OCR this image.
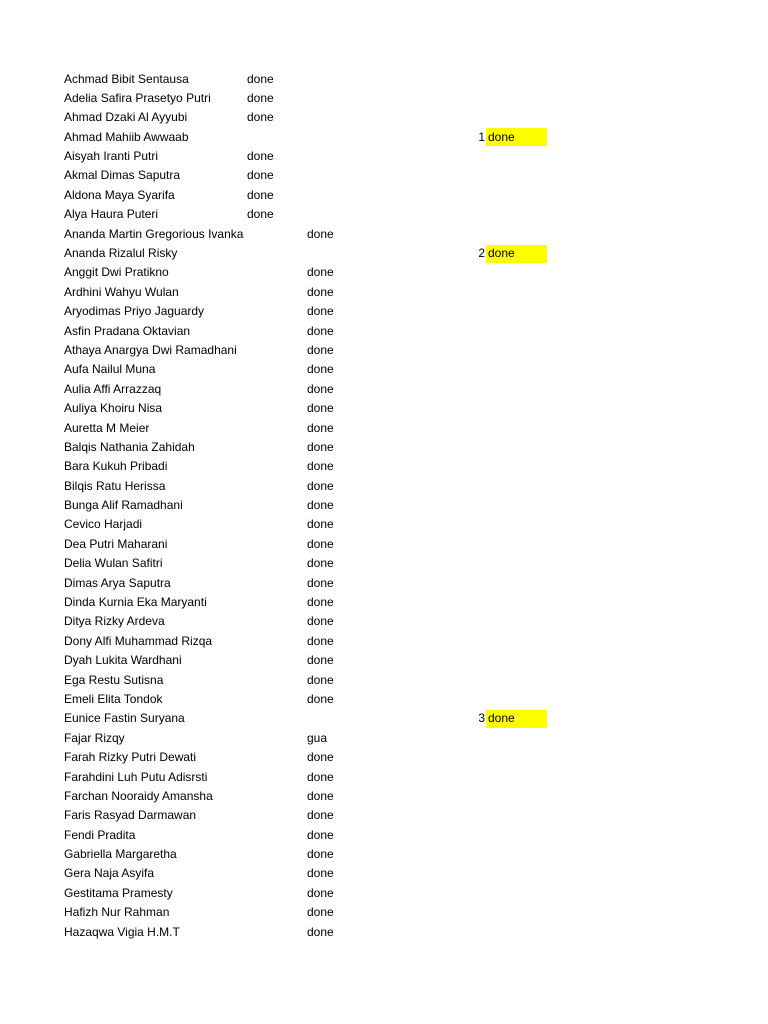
Achmad Bibit Sentausa	done
Adelia Safira Prasetyo Putri	done
Ahmad Dzaki Al Ayyubi	done
Ahmad Mahiib Awwaab	1 done
Aisyah Iranti Putri	done
Akmal Dimas Saputra	done
Aldona Maya Syarifa	done
Alya Haura Puteri	done
Ananda Martin Gregorious Ivanka	done
Ananda Rizalul Risky	2 done
Anggit Dwi Pratikno	done
Ardhini Wahyu Wulan	done
Aryodimas Priyo Jaguardy	done
Asfin Pradana Oktavian	done
Athaya Anargya Dwi Ramadhani	done
Aufa Nailul Muna	done
Aulia Affi Arrazzaq	done
Auliya Khoiru Nisa	done
Auretta M Meier	done
Balqis Nathania Zahidah	done
Bara Kukuh Pribadi	done
Bilqis Ratu Herissa	done
Bunga Alif Ramadhani	done
Cevico Harjadi	done
Dea Putri Maharani	done
Delia Wulan Safitri	done
Dimas Arya Saputra	done
Dinda Kurnia Eka Maryanti	done
Ditya Rizky Ardeva	done
Dony Alfi Muhammad Rizqa	done
Dyah Lukita Wardhani	done
Ega Restu Sutisna	done
Emeli Elita Tondok	done
Eunice Fastin Suryana	3 done
Fajar Rizqy	gua
Farah Rizky Putri Dewati	done
Farahdini Luh Putu Adisrsti	done
Farchan Nooraidy Amansha	done
Faris Rasyad Darmawan	done
Fendi Pradita	done
Gabriella Margaretha	done
Gera Naja Asyifa	done
Gestitama Pramesty	done
Hafizh Nur Rahman	done
Hazaqwa Vigia H.M.T	done
